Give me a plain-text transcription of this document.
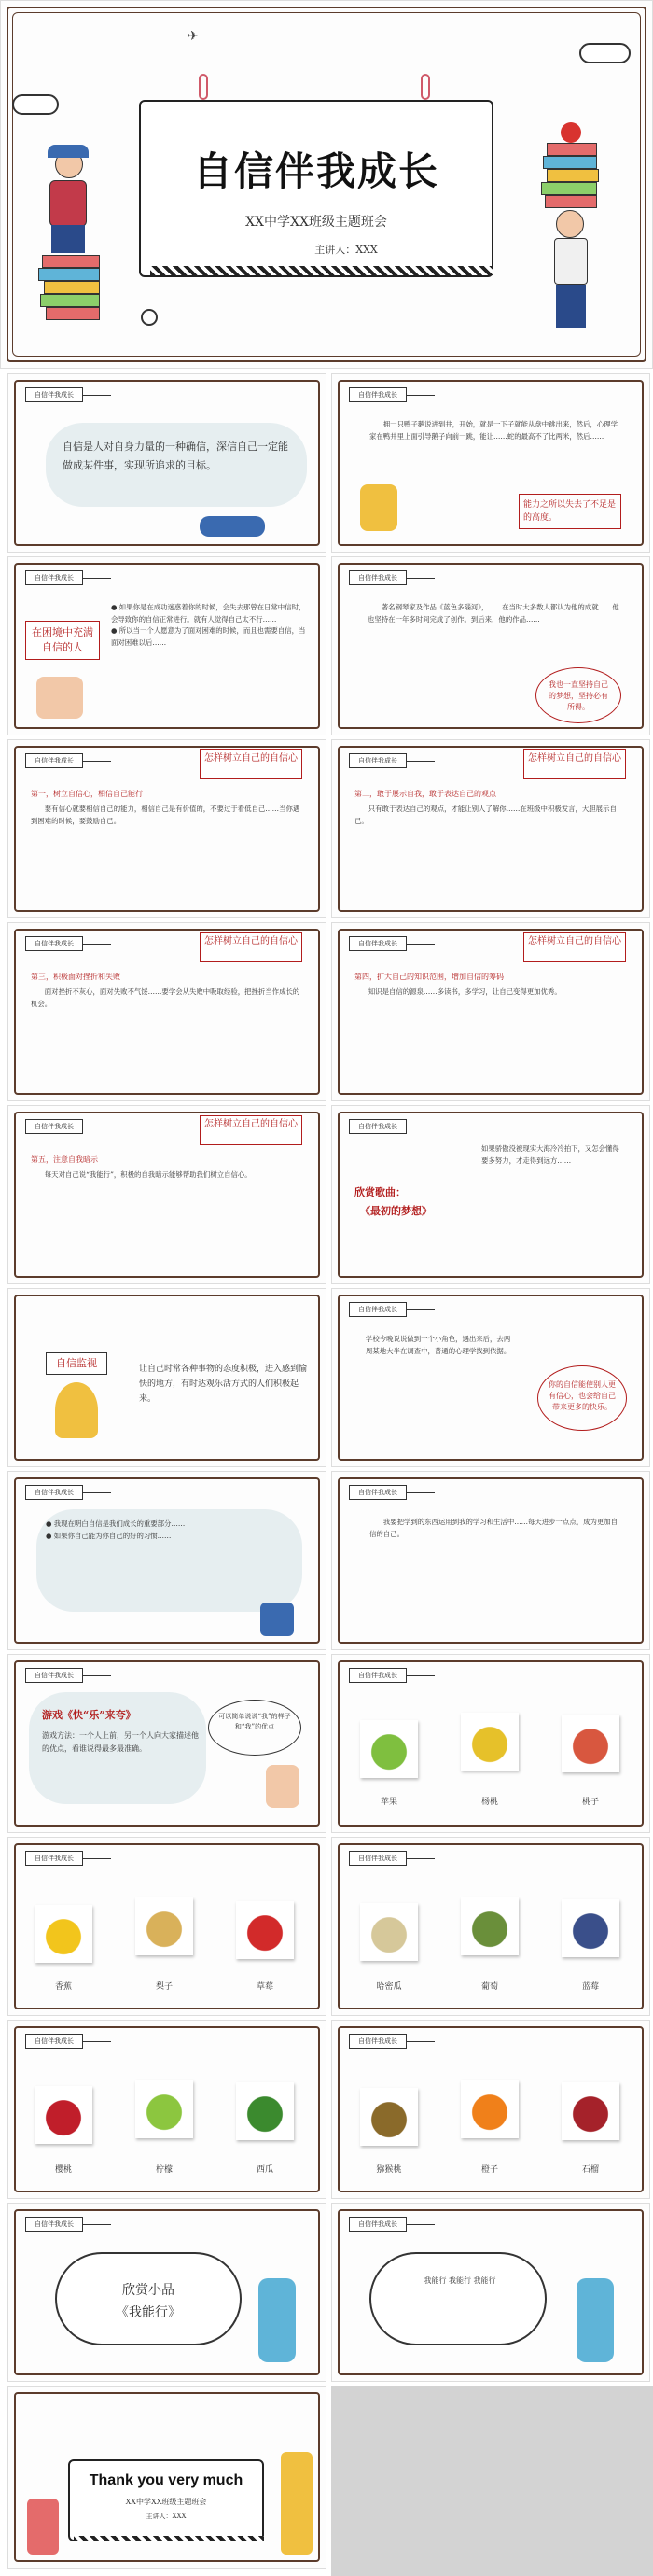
✈
自信伴我成长
XX中学XX班级主题班会
主讲人：XXX
自信伴我成长
自信是人对自身力量的一种确信，深信自己一定能做成某件事，实现所追求的目标。
自信伴我成长
　　拥一只鸭子鹅说进到井，开始，就是一下子就能从盘中跳出来，然后，心理学家在鸭井里上面引导鹅子向前一跳，能让……蛇的最高不了比两米，然后……
能力之所以失去了不足是的高度。
自信伴我成长
在困境中充满自信的人
● 如果你是在成功迷惑着你的时候，会失去那曾在日常中信时，会导致你的自信正常进行。就有人觉得自己太不行……
● 所以当一个人愿意为了面对困难的时候，而且也需要自信，当面对困难以后……
自信伴我成长
　　著名钢琴家及作品《蓝色多瑙河》，……在当时大多数人都认为他的成就……他也坚持在一年多时间完成了创作。到后来，他的作品……
我也一直坚持自己的梦想，坚持必有所得。
自信伴我成长	怎样树立自己的自信心
第一，树立自信心，相信自己能行
　　要有信心就要相信自己的能力，相信自己是有价值的，不要过于看低自己……当你遇到困难的时候，要鼓励自己。
自信伴我成长	怎样树立自己的自信心
第二，敢于展示自我，敢于表达自己的观点
　　只有敢于表达自己的观点，才能让别人了解你……在班级中积极发言，大胆展示自己。
自信伴我成长	怎样树立自己的自信心
第三，积极面对挫折和失败
　　面对挫折不灰心，面对失败不气馁……要学会从失败中吸取经验，把挫折当作成长的机会。
自信伴我成长	怎样树立自己的自信心
第四，扩大自己的知识范围，增加自信的筹码
　　知识是自信的源泉……多读书，多学习，让自己变得更加优秀。
自信伴我成长	怎样树立自己的自信心
第五，注意自我暗示
　　每天对自己说“我能行”，积极的自我暗示能够帮助我们树立自信心。
自信伴我成长
欣赏歌曲：
《最初的梦想》
如果骄傲没被现实大海冷冷拍下，又怎会懂得要多努力，才走得到远方……
自信监视	让自己时常各种事物的态度积极，进入感到愉快的地方，有时达观乐活方式的人们积极起来。
自信伴我成长
学校今晚说说做到一个小角色，遇出来后，去两周某地大半在调查中，普通的心理学找到依据。
你的自信能使别人更有信心，也会给自己带来更多的快乐。
自信伴我成长
● 我现在明白自信是我们成长的重要部分……
● 如果你自己能为你自己的好的习惯……
自信伴我成长
　　我要把学到的东西运用到我的学习和生活中……每天进步一点点，成为更加自信的自己。
自信伴我成长
游戏《快“乐”来夸》
游戏方法：一个人上前，另一个人向大家描述他的优点，看谁说得最多最准确。
可以简单说说“我”的样子和“我”的优点
自信伴我成长
苹果	杨桃	桃子
自信伴我成长
香蕉	梨子	草莓
自信伴我成长
哈密瓜	葡萄	蓝莓
自信伴我成长
樱桃	柠檬	西瓜
自信伴我成长
猕猴桃	橙子	石榴
自信伴我成长
欣赏小品
《我能行》
自信伴我成长
我能行 我能行 我能行
Thank you very much
XX中学XX班级主题班会
主讲人：XXX
